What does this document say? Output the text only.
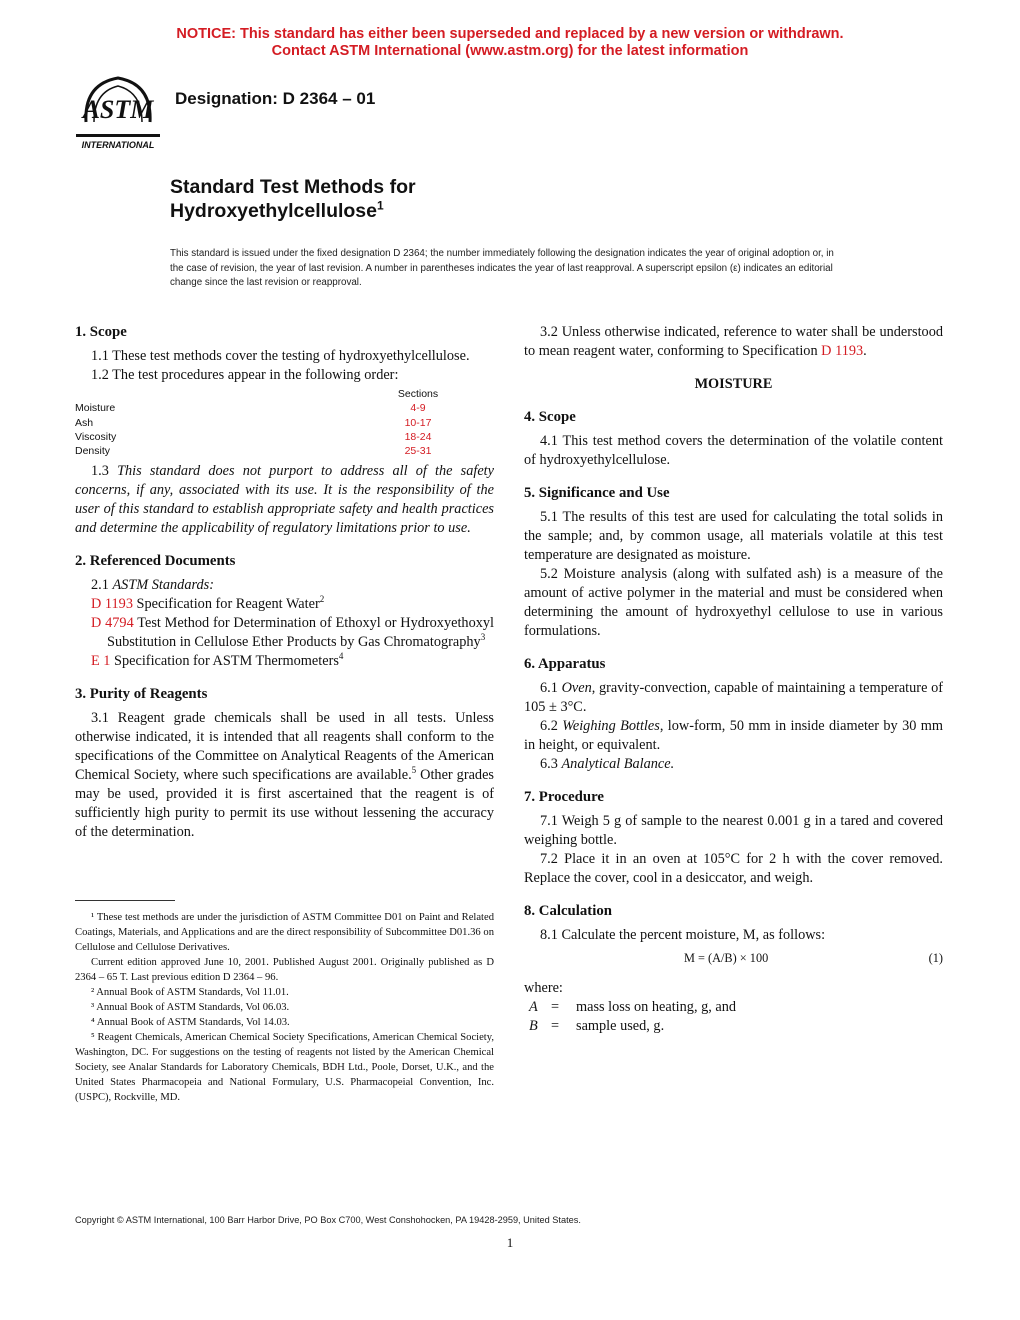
NOTICE: This standard has either been superseded and replaced by a new version or withdrawn.
Contact ASTM International (www.astm.org) for the latest information
ASTM
INTERNATIONAL
Designation: D 2364 – 01
Standard Test Methods for
Hydroxyethylcellulose$^1$
This standard is issued under the fixed designation D 2364; the number immediately following the designation indicates the year of original adoption or, in the case of revision, the year of last revision. A number in parentheses indicates the year of last reapproval. A superscript epsilon (ε) indicates an editorial change since the last revision or reapproval.

1. Scope

1.1 These test methods cover the testing of hydroxyethylcellulose.

1.2 The test procedures appear in the following order:

	Sections
Moisture	4-9
Ash	10-17
Viscosity	18-24
Density	25-31

1.3 This standard does not purport to address all of the safety concerns, if any, associated with its use. It is the responsibility of the user of this standard to establish appropriate safety and health practices and determine the applicability of regulatory limitations prior to use.

2. Referenced Documents

2.1 ASTM Standards:

D 1193 Specification for Reagent Water$^2$

D 4794 Test Method for Determination of Ethoxyl or Hydroxyethoxyl Substitution in Cellulose Ether Products by Gas Chromatography$^3$

E 1 Specification for ASTM Thermometers$^4$

3. Purity of Reagents

3.1 Reagent grade chemicals shall be used in all tests. Unless otherwise indicated, it is intended that all reagents shall conform to the specifications of the Committee on Analytical Reagents of the American Chemical Society, where such specifications are available.$^5$ Other grades may be used, provided it is first ascertained that the reagent is of sufficiently high purity to permit its use without lessening the accuracy of the determination.

¹ These test methods are under the jurisdiction of ASTM Committee D01 on Paint and Related Coatings, Materials, and Applications and are the direct responsibility of Subcommittee D01.36 on Cellulose and Cellulose Derivatives.

Current edition approved June 10, 2001. Published August 2001. Originally published as D 2364 – 65 T. Last previous edition D 2364 – 96.

² Annual Book of ASTM Standards, Vol 11.01.

³ Annual Book of ASTM Standards, Vol 06.03.

⁴ Annual Book of ASTM Standards, Vol 14.03.

⁵ Reagent Chemicals, American Chemical Society Specifications, American Chemical Society, Washington, DC. For suggestions on the testing of reagents not listed by the American Chemical Society, see Analar Standards for Laboratory Chemicals, BDH Ltd., Poole, Dorset, U.K., and the United States Pharmacopeia and National Formulary, U.S. Pharmacopeial Convention, Inc. (USPC), Rockville, MD.

3.2 Unless otherwise indicated, reference to water shall be understood to mean reagent water, conforming to Specification D 1193.

MOISTURE

4. Scope

4.1 This test method covers the determination of the volatile content of hydroxyethylcellulose.

5. Significance and Use

5.1 The results of this test are used for calculating the total solids in the sample; and, by common usage, all materials volatile at this test temperature are designated as moisture.

5.2 Moisture analysis (along with sulfated ash) is a measure of the amount of active polymer in the material and must be considered when determining the amount of hydroxyethyl cellulose to use in various formulations.

6. Apparatus

6.1 Oven, gravity-convection, capable of maintaining a temperature of 105 ± 3°C.

6.2 Weighing Bottles, low-form, 50 mm in inside diameter by 30 mm in height, or equivalent.

6.3 Analytical Balance.

7. Procedure

7.1 Weigh 5 g of sample to the nearest 0.001 g in a tared and covered weighing bottle.

7.2 Place it in an oven at 105°C for 2 h with the cover removed. Replace the cover, cool in a desiccator, and weigh.

8. Calculation

8.1 Calculate the percent moisture, M, as follows:

M = (A/B) × 100	(1)

where:

A =	mass loss on heating, g, and
B =	sample used, g.
Copyright © ASTM International, 100 Barr Harbor Drive, PO Box C700, West Conshohocken, PA 19428-2959, United States.
1
